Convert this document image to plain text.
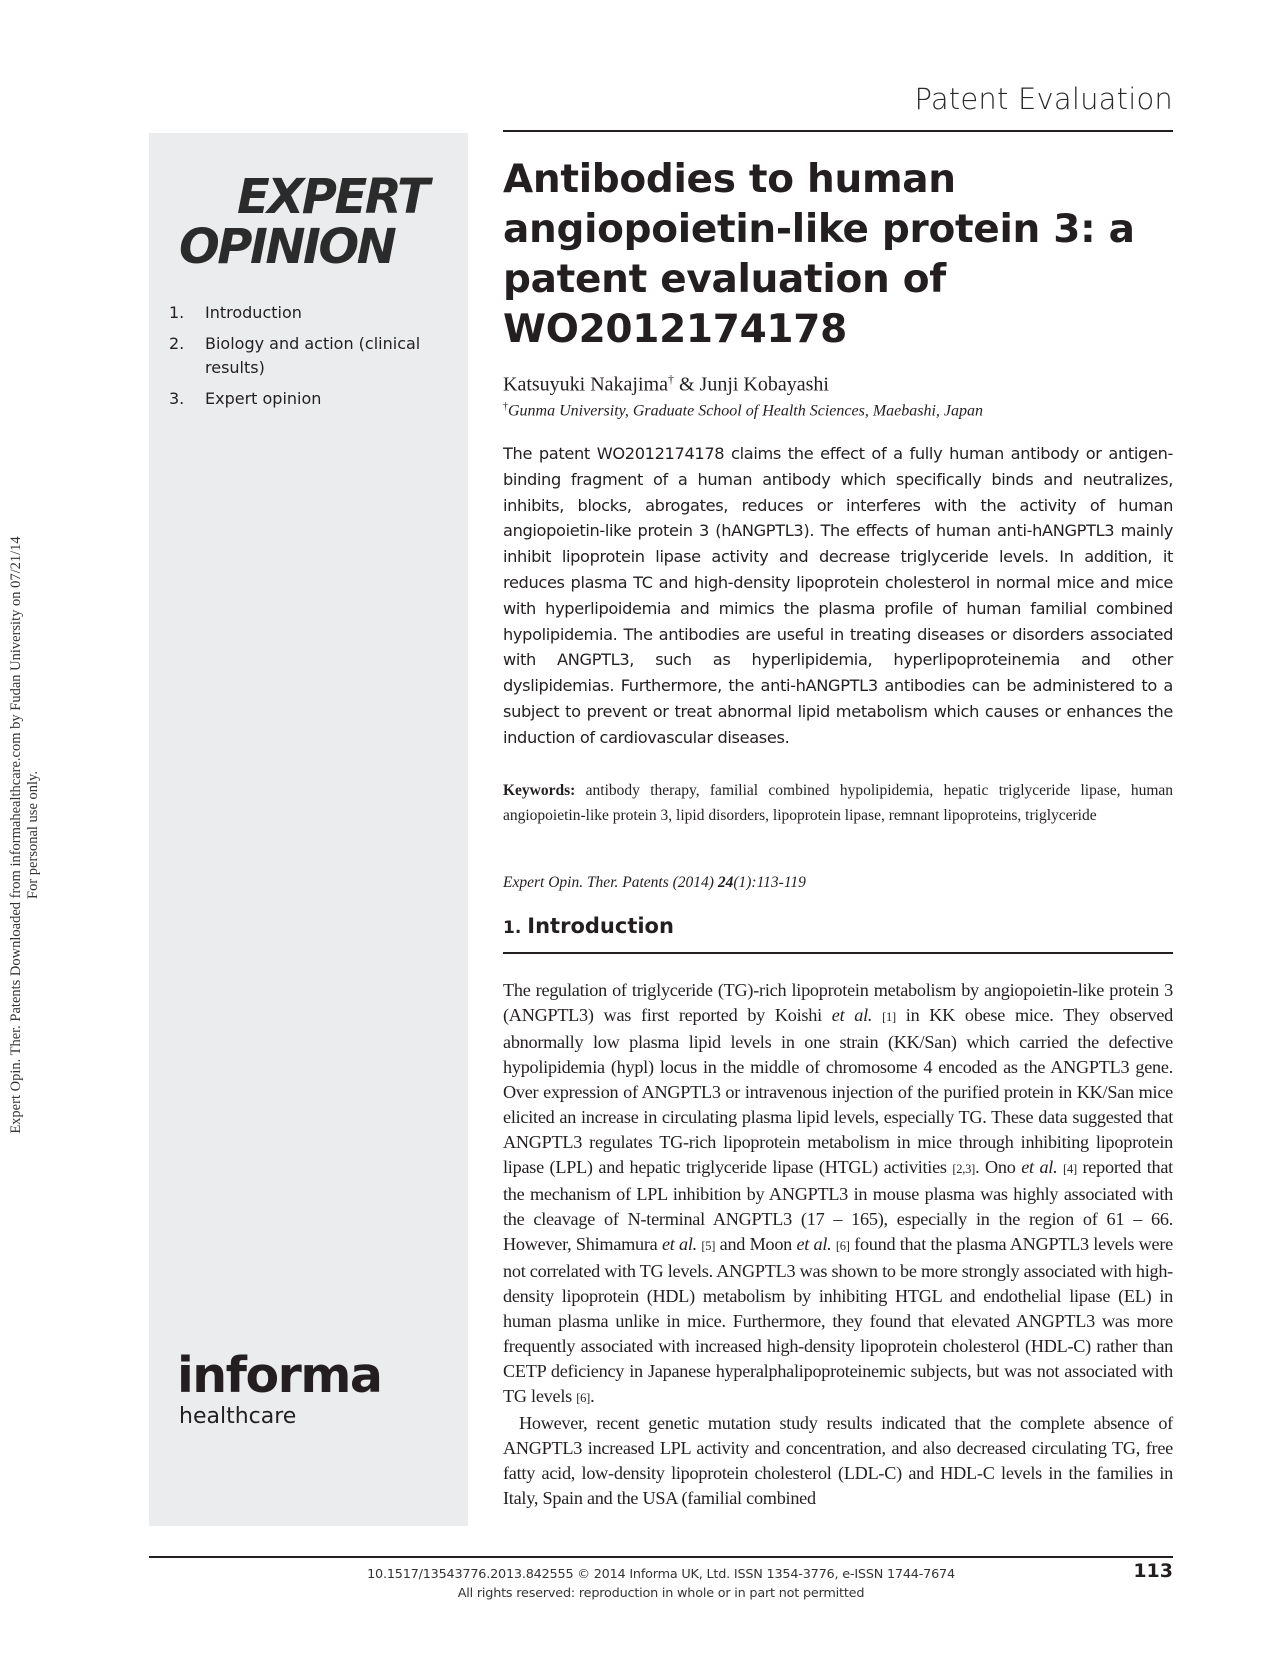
Expert Opin. Ther. Patents Downloaded from informahealthcare.com by Fudan University on 07/21/14 For personal use only.
Patent Evaluation
EXPERT
OPINION
1.	Introduction
2.	Biology and action (clinical results)
3.	Expert opinion
informa
healthcare
Antibodies to human angiopoietin-like protein 3: a patent evaluation of WO2012174178
Katsuyuki Nakajima† & Junji Kobayashi
†Gunma University, Graduate School of Health Sciences, Maebashi, Japan

The patent WO2012174178 claims the effect of a fully human antibody or antigen-binding fragment of a human antibody which specifically binds and neutralizes, inhibits, blocks, abrogates, reduces or interferes with the activity of human angiopoietin-like protein 3 (hANGPTL3). The effects of human anti-hANGPTL3 mainly inhibit lipoprotein lipase activity and decrease triglyceride levels. In addition, it reduces plasma TC and high-density lipoprotein cholesterol in normal mice and mice with hyperlipoidemia and mimics the plasma profile of human familial combined hypolipidemia. The antibodies are useful in treating diseases or disorders associated with ANGPTL3, such as hyperlipidemia, hyperlipoproteinemia and other dyslipidemias. Furthermore, the anti-hANGPTL3 antibodies can be administered to a subject to prevent or treat abnormal lipid metabolism which causes or enhances the induction of cardiovascular diseases.

Keywords: antibody therapy, familial combined hypolipidemia, hepatic triglyceride lipase, human angiopoietin-like protein 3, lipid disorders, lipoprotein lipase, remnant lipoproteins, triglyceride

Expert Opin. Ther. Patents (2014) 24(1):113-119
1. Introduction

The regulation of triglyceride (TG)-rich lipoprotein metabolism by angiopoietin-like protein 3 (ANGPTL3) was first reported by Koishi et al. [1] in KK obese mice. They observed abnormally low plasma lipid levels in one strain (KK/San) which carried the defective hypolipidemia (hypl) locus in the middle of chromosome 4 encoded as the ANGPTL3 gene. Over expression of ANGPTL3 or intravenous injection of the purified protein in KK/San mice elicited an increase in circulating plasma lipid levels, especially TG. These data suggested that ANGPTL3 regulates TG-rich lipoprotein metabolism in mice through inhibiting lipoprotein lipase (LPL) and hepatic triglyceride lipase (HTGL) activities [2,3]. Ono et al. [4] reported that the mechanism of LPL inhibition by ANGPTL3 in mouse plasma was highly associated with the cleavage of N-terminal ANGPTL3 (17 – 165), especially in the region of 61 – 66. However, Shimamura et al. [5] and Moon et al. [6] found that the plasma ANGPTL3 levels were not correlated with TG levels. ANGPTL3 was shown to be more strongly associated with high-density lipoprotein (HDL) metabolism by inhibiting HTGL and endothelial lipase (EL) in human plasma unlike in mice. Furthermore, they found that elevated ANGPTL3 was more frequently associated with increased high-density lipoprotein cholesterol (HDL-C) rather than CETP deficiency in Japanese hyperalphalipoproteinemic subjects, but was not associated with TG levels [6].

However, recent genetic mutation study results indicated that the complete absence of ANGPTL3 increased LPL activity and concentration, and also decreased circulating TG, free fatty acid, low-density lipoprotein cholesterol (LDL-C) and HDL-C levels in the families in Italy, Spain and the USA (familial combined

10.1517/13543776.2013.842555 © 2014 Informa UK, Ltd. ISSN 1354-3776, e-ISSN 1744-7674
All rights reserved: reproduction in whole or in part not permitted
113
